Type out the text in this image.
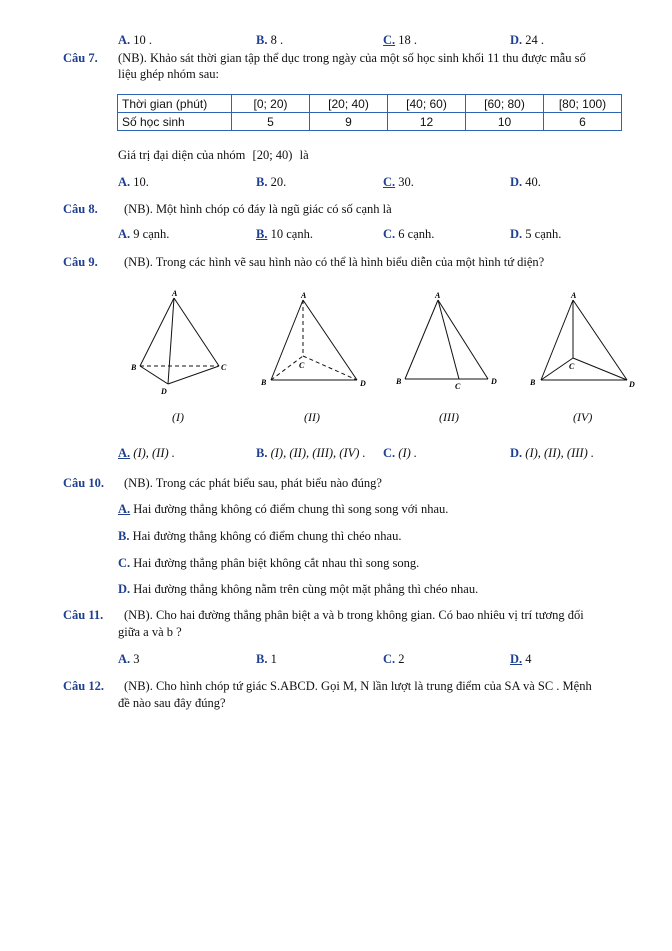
A. 10 .	B. 8 .	C. 18 .	D. 24 .
Câu 7. (NB). Khảo sát thời gian tập thể dục trong ngày của một số học sinh khối 11 thu được mẫu số
liệu ghép nhóm sau:
Thời gian (phút)	[0; 20)	[20; 40)	[40; 60)	[60; 80)	[80; 100)
Số học sinh	5	9	12	10	6
Giá trị đại diện của nhóm [20; 40) là
A. 10.	B. 20.	C. 30.	D. 40.
Câu 8. (NB). Một hình chóp có đáy là ngũ giác có số cạnh là
A. 9 cạnh.	B. 10 cạnh.	C. 6 cạnh.	D. 5 cạnh.
Câu 9. (NB). Trong các hình vẽ sau hình nào có thể là hình biểu diễn của một hình tứ diện?
A
B	C
D
A
B
C
D
A
B
C
D
A
B
C
D
(I)	(II)	(III)	(IV)
A. (I), (II) .	B. (I), (II), (III), (IV) . C. (I) .	D. (I), (II), (III) .
Câu 10. (NB). Trong các phát biểu sau, phát biểu nào đúng?
A. Hai đường thẳng không có điểm chung thì song song với nhau.
B. Hai đường thẳng không có điểm chung thì chéo nhau.
C. Hai đường thẳng phân biệt không cắt nhau thì song song.
D. Hai đường thẳng không nằm trên cùng một mặt phẳng thì chéo nhau.
Câu 11. (NB). Cho hai đường thẳng phân biệt a và b trong không gian. Có bao nhiêu vị trí tương đối
giữa a và b ?
A. 3	B. 1	C. 2	D. 4
Câu 12. (NB). Cho hình chóp tứ giác S.ABCD. Gọi M, N lần lượt là trung điểm của SA và SC . Mệnh
đề nào sau đây đúng?
